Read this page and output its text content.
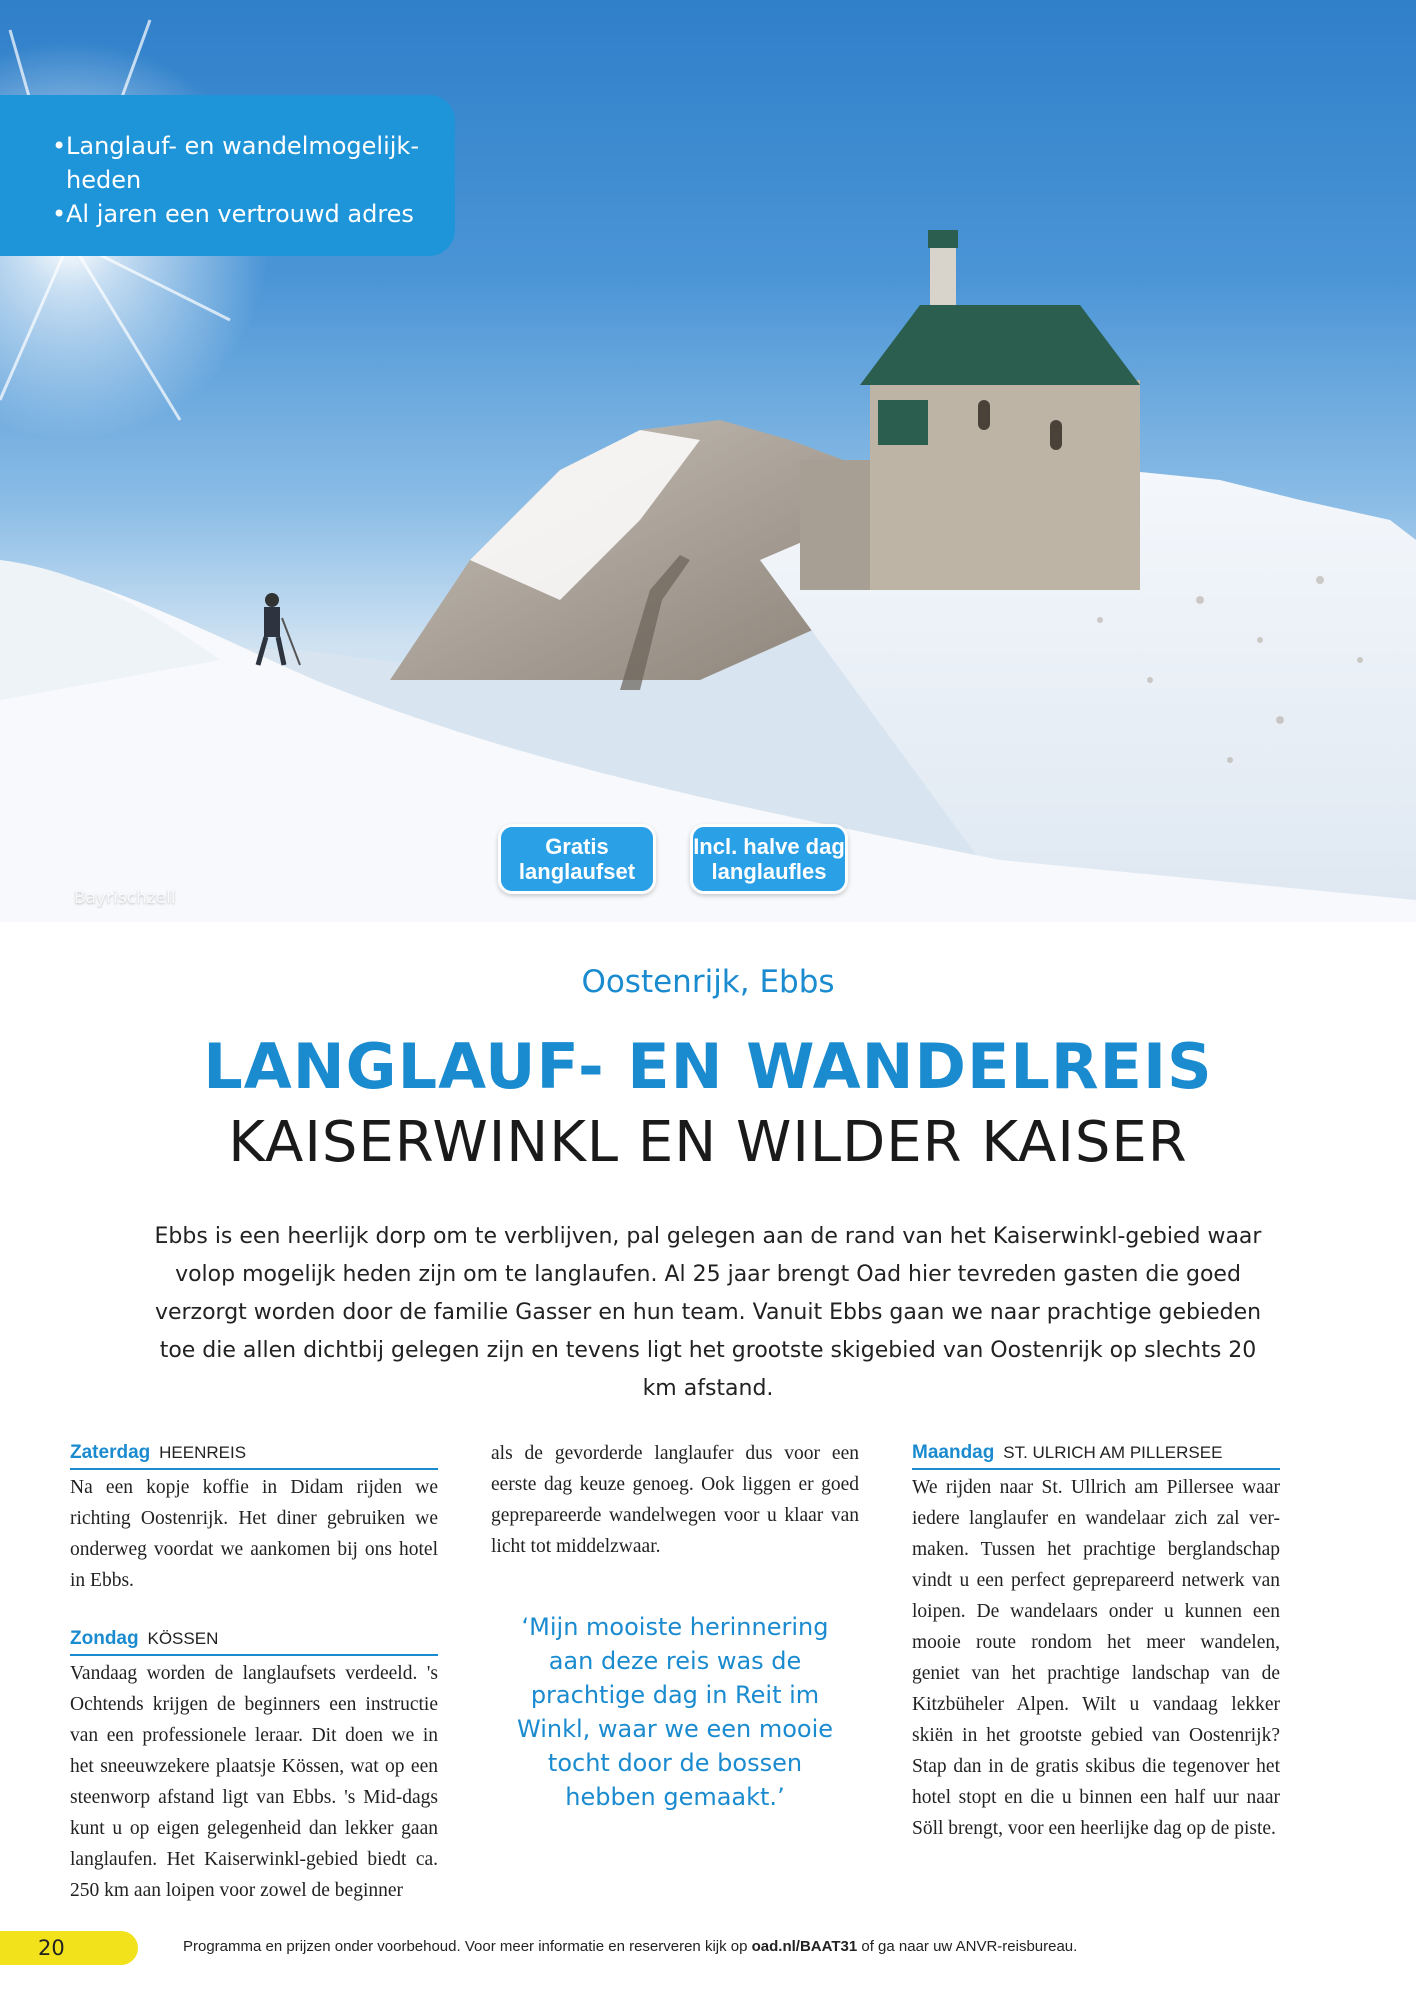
• Langlauf- en wandelmogelijk-
heden
• Al jaren een vertrouwd adres
Gratis
langlaufset
Incl. halve dag
langlaufles
Bayrischzell
Oostenrijk, Ebbs
LANGLAUF- EN WANDELREIS
KAISERWINKL EN WILDER KAISER

Ebbs is een heerlijk dorp om te verblijven, pal gelegen aan de rand van het Kaiserwinkl-gebied waar volop mogelijk heden zijn om te langlaufen. Al 25 jaar brengt Oad hier tevreden gasten die goed verzorgt worden door de familie Gasser en hun team. Vanuit Ebbs gaan we naar prachtige gebieden toe die allen dichtbij gelegen zijn en tevens ligt het grootste skigebied van Oostenrijk op slechts 20 km afstand.

Zaterdag HEENREIS

Na een kopje koffie in Didam rijden we richting Oostenrijk. Het diner gebruiken we onderweg voordat we aankomen bij ons hotel in Ebbs.

Zondag KÖSSEN

Vandaag worden de langlaufsets verdeeld. 's Ochtends krijgen de beginners een instructie van een professionele leraar. Dit doen we in het sneeuwzekere plaatsje Kössen, wat op een steenworp afstand ligt van Ebbs. 's Mid-dags kunt u op eigen gelegenheid dan lekker gaan langlaufen. Het Kaiserwinkl-gebied biedt ca. 250 km aan loipen voor zowel de beginner

als de gevorderde langlaufer dus voor een eerste dag keuze genoeg. Ook liggen er goed geprepareerde wandelwegen voor u klaar van licht tot middelzwaar.

‘Mijn mooiste herinnering aan deze reis was de prachtige dag in Reit im Winkl, waar we een mooie tocht door de bossen hebben gemaakt.’

Maandag ST. ULRICH AM PILLERSEE

We rijden naar St. Ullrich am Pillersee waar iedere langlaufer en wandelaar zich zal ver-maken. Tussen het prachtige berglandschap vindt u een perfect geprepareerd netwerk van loipen. De wandelaars onder u kunnen een mooie route rondom het meer wandelen, geniet van het prachtige landschap van de Kitzbüheler Alpen. Wilt u vandaag lekker skiën in het grootste gebied van Oostenrijk? Stap dan in de gratis skibus die tegenover het hotel stopt en die u binnen een half uur naar Söll brengt, voor een heerlijke dag op de piste.

20	Programma en prijzen onder voorbehoud. Voor meer informatie en reserveren kijk op oad.nl/BAAT31 of ga naar uw ANVR-reisbureau.
